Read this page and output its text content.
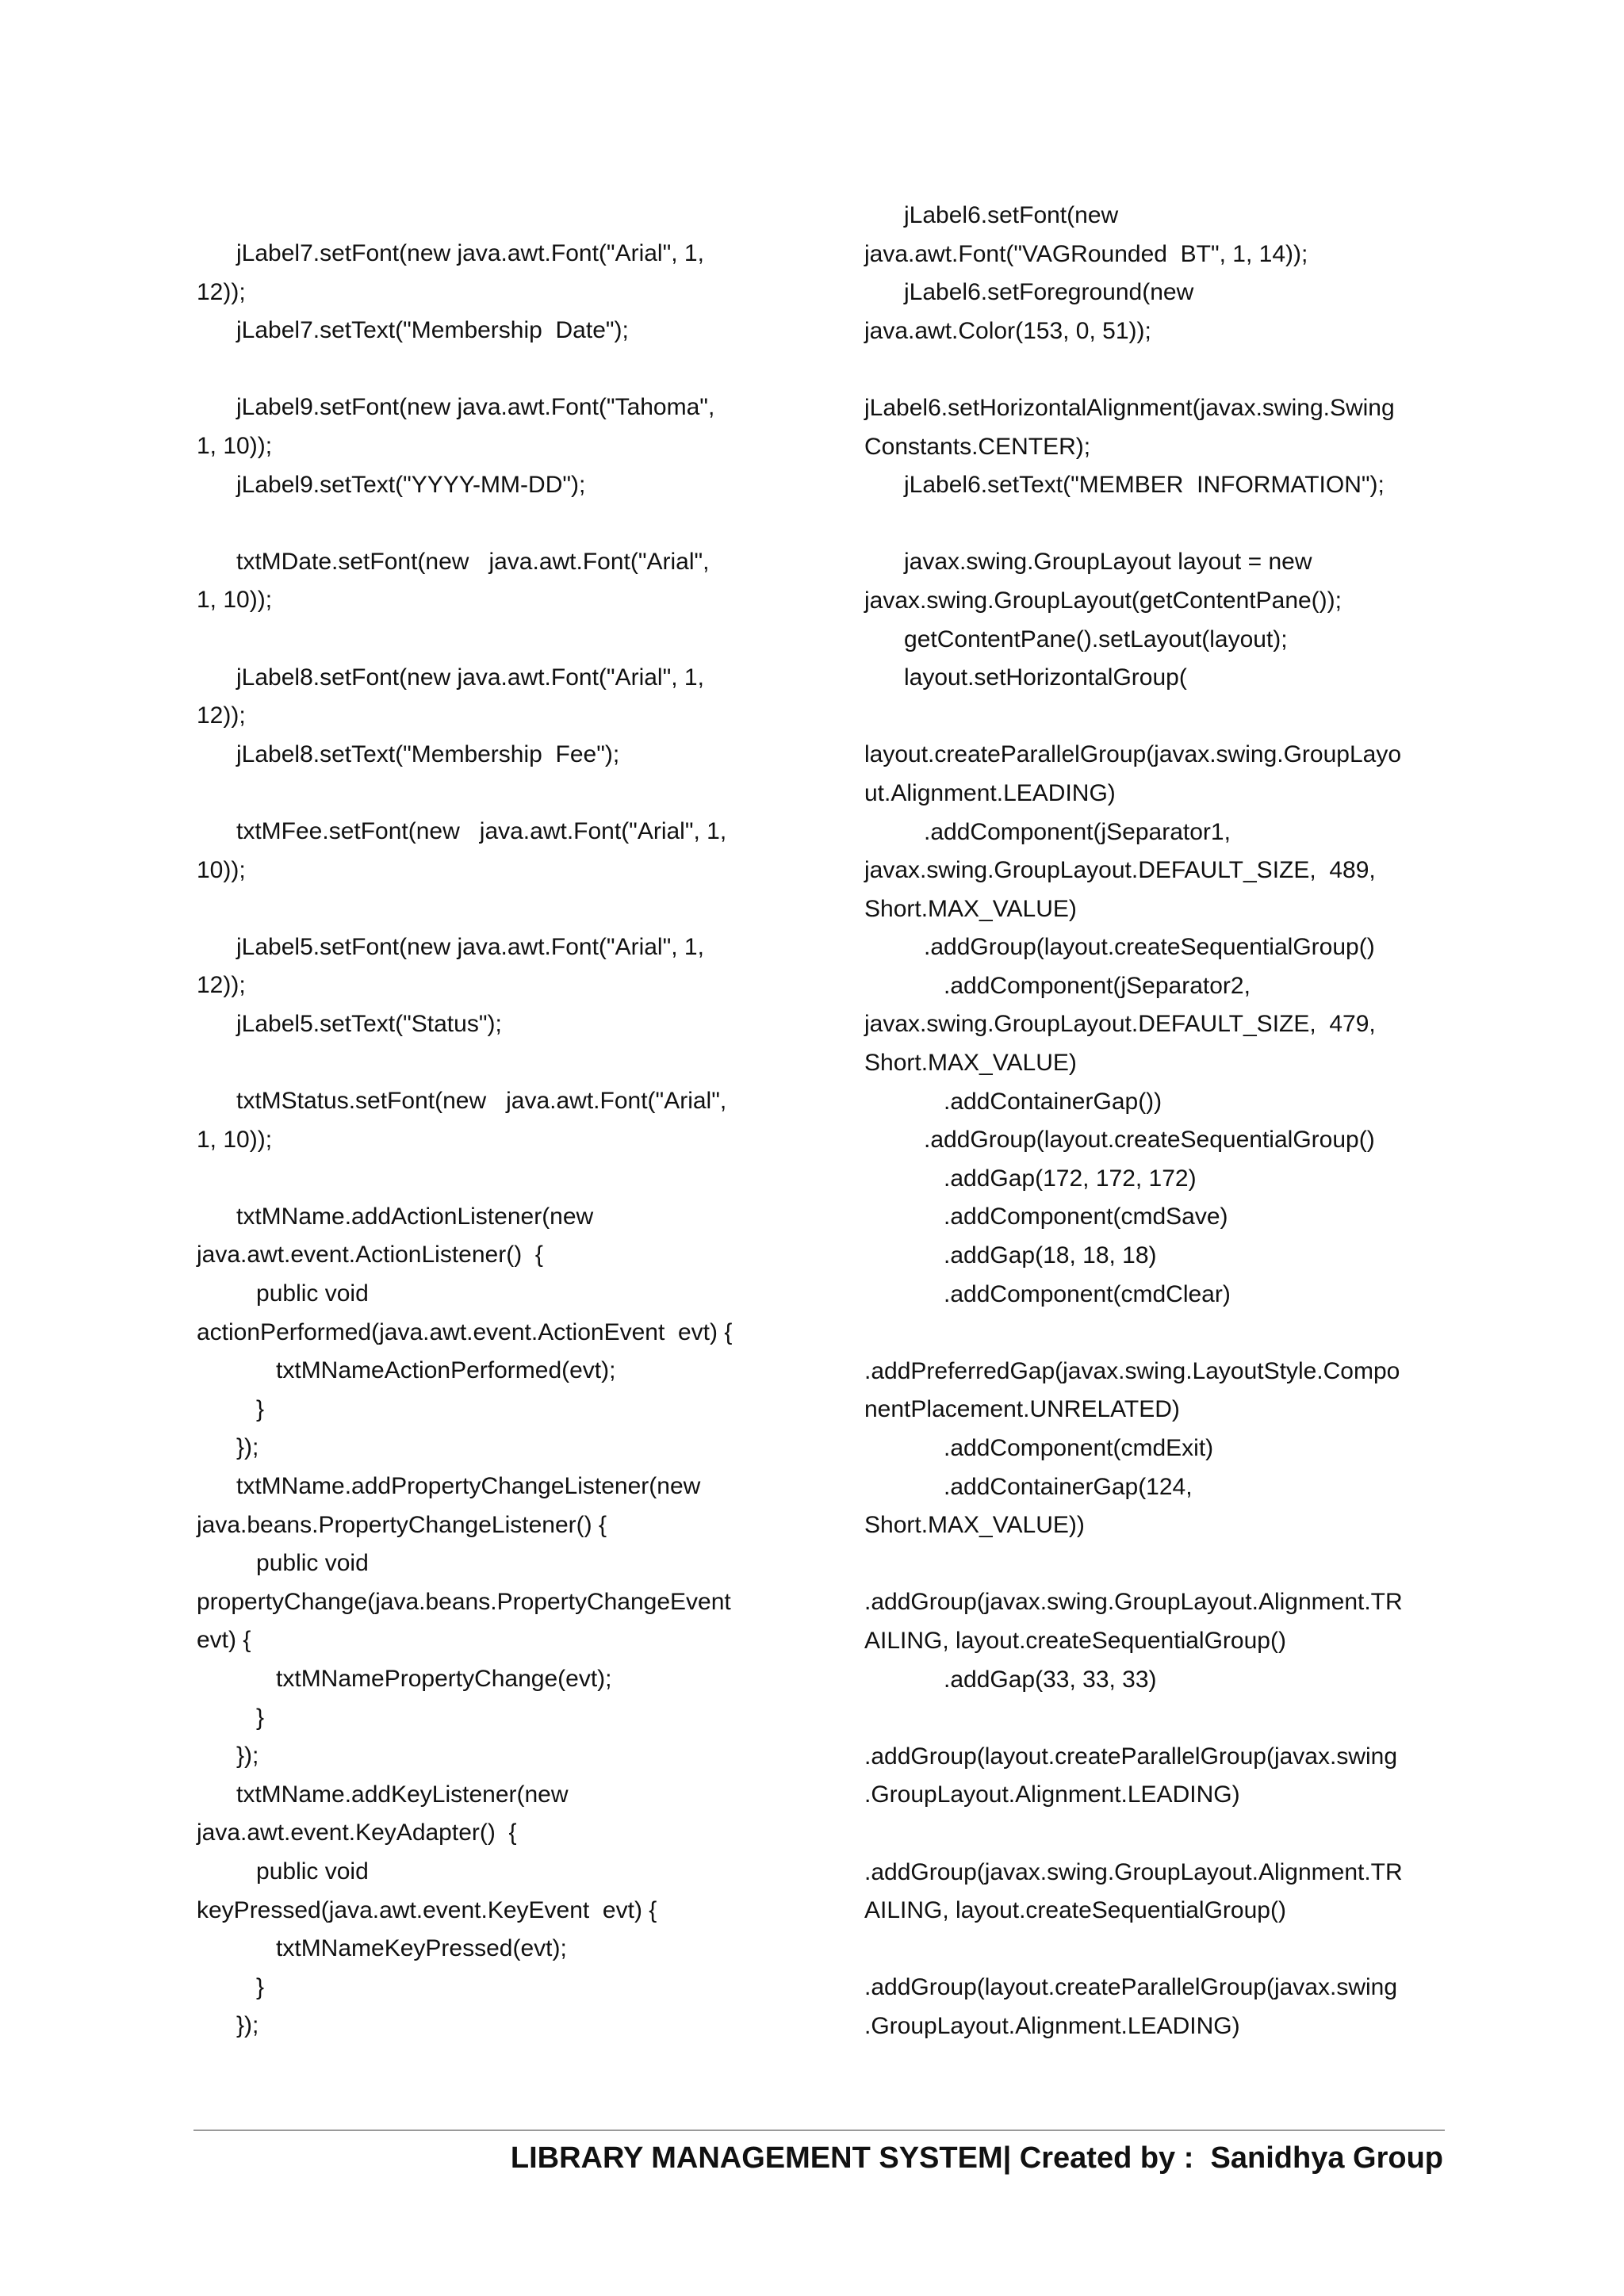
jLabel7.setFont(new java.awt.Font("Arial", 1,
12));
jLabel7.setText("Membership  Date");
jLabel9.setFont(new java.awt.Font("Tahoma",
1, 10));
jLabel9.setText("YYYY-MM-DD");
txtMDate.setFont(new   java.awt.Font("Arial",
1, 10));
jLabel8.setFont(new java.awt.Font("Arial", 1,
12));
jLabel8.setText("Membership  Fee");
txtMFee.setFont(new   java.awt.Font("Arial", 1,
10));
jLabel5.setFont(new java.awt.Font("Arial", 1,
12));
jLabel5.setText("Status");
txtMStatus.setFont(new   java.awt.Font("Arial",
1, 10));
txtMName.addActionListener(new
java.awt.event.ActionListener()  {
public void
actionPerformed(java.awt.event.ActionEvent  evt) {
txtMNameActionPerformed(evt);
}
});
txtMName.addPropertyChangeListener(new
java.beans.PropertyChangeListener() {
public void
propertyChange(java.beans.PropertyChangeEvent
evt) {
txtMNamePropertyChange(evt);
}
});
txtMName.addKeyListener(new
java.awt.event.KeyAdapter()  {
public void
keyPressed(java.awt.event.KeyEvent  evt) {
txtMNameKeyPressed(evt);
}
});
jLabel6.setFont(new
java.awt.Font("VAGRounded  BT", 1, 14));
jLabel6.setForeground(new
java.awt.Color(153, 0, 51));
jLabel6.setHorizontalAlignment(javax.swing.Swing
Constants.CENTER);
jLabel6.setText("MEMBER  INFORMATION");
javax.swing.GroupLayout layout = new
javax.swing.GroupLayout(getContentPane());
getContentPane().setLayout(layout);
layout.setHorizontalGroup(
layout.createParallelGroup(javax.swing.GroupLayo
ut.Alignment.LEADING)
.addComponent(jSeparator1,
javax.swing.GroupLayout.DEFAULT_SIZE,  489,
Short.MAX_VALUE)
.addGroup(layout.createSequentialGroup()
.addComponent(jSeparator2,
javax.swing.GroupLayout.DEFAULT_SIZE,  479,
Short.MAX_VALUE)
.addContainerGap())
.addGroup(layout.createSequentialGroup()
.addGap(172, 172, 172)
.addComponent(cmdSave)
.addGap(18, 18, 18)
.addComponent(cmdClear)
.addPreferredGap(javax.swing.LayoutStyle.Compo
nentPlacement.UNRELATED)
.addComponent(cmdExit)
.addContainerGap(124,
Short.MAX_VALUE))
.addGroup(javax.swing.GroupLayout.Alignment.TR
AILING, layout.createSequentialGroup()
.addGap(33, 33, 33)
.addGroup(layout.createParallelGroup(javax.swing
.GroupLayout.Alignment.LEADING)
.addGroup(javax.swing.GroupLayout.Alignment.TR
AILING, layout.createSequentialGroup()
.addGroup(layout.createParallelGroup(javax.swing
.GroupLayout.Alignment.LEADING)
LIBRARY MANAGEMENT SYSTEM| Created by :  Sanidhya Group
